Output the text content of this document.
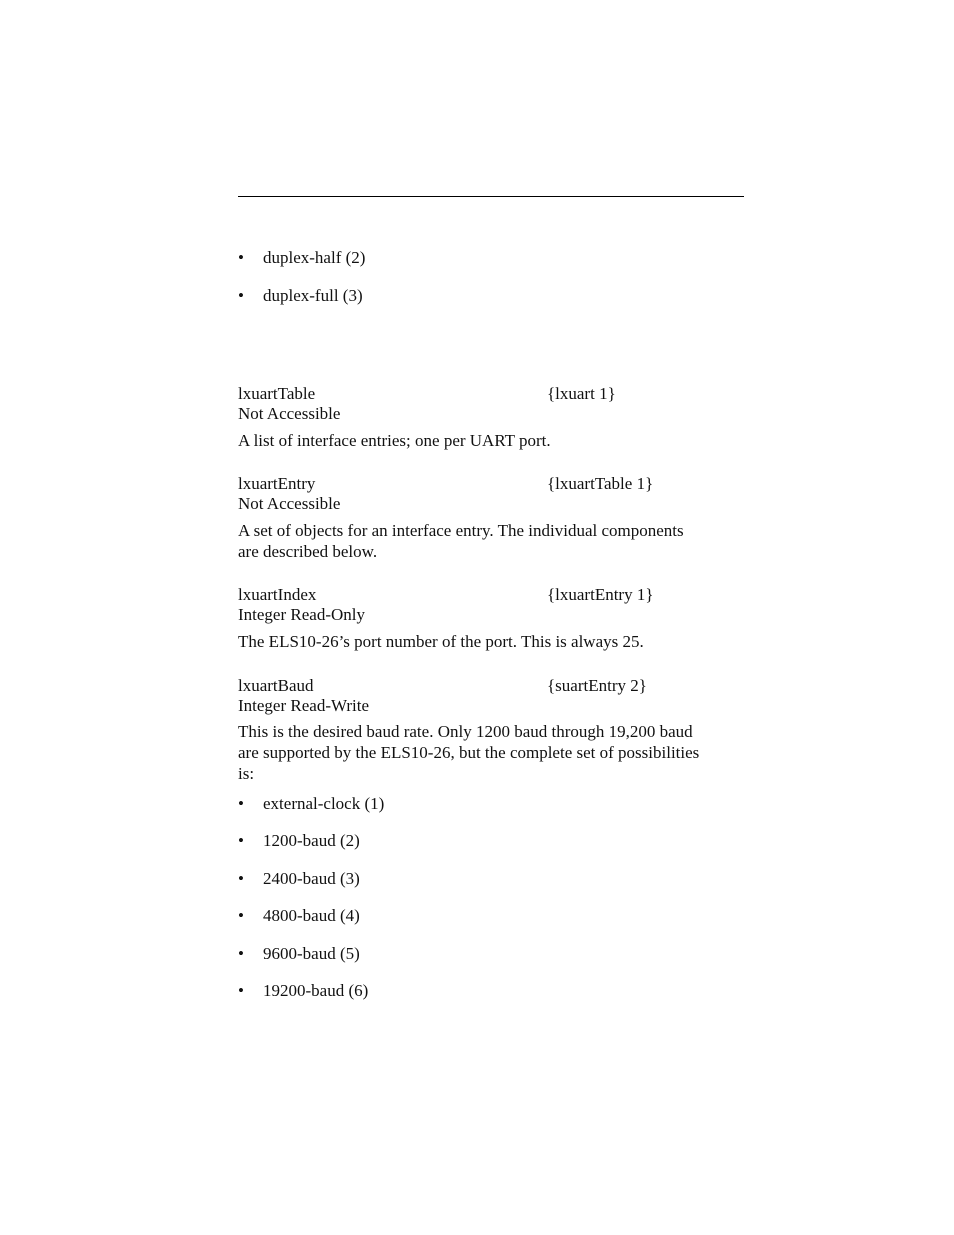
•	duplex-half (2)
•	duplex-full (3)
lxuartTable	{lxuart 1}
Not Accessible
A list of interface entries; one per UART port.
lxuartEntry	{lxuartTable 1}
Not Accessible
A set of objects for an interface entry. The individual components
are described below.
lxuartIndex	{lxuartEntry 1}
Integer Read-Only
The ELS10-26’s port number of the port. This is always 25.
lxuartBaud	{suartEntry 2}
Integer Read-Write
This is the desired baud rate. Only 1200 baud through 19,200 baud
are supported by the ELS10-26, but the complete set of possibilities
is:
•	external-clock (1)
•	1200-baud (2)
•	2400-baud (3)
•	4800-baud (4)
•	9600-baud (5)
•	19200-baud (6)
